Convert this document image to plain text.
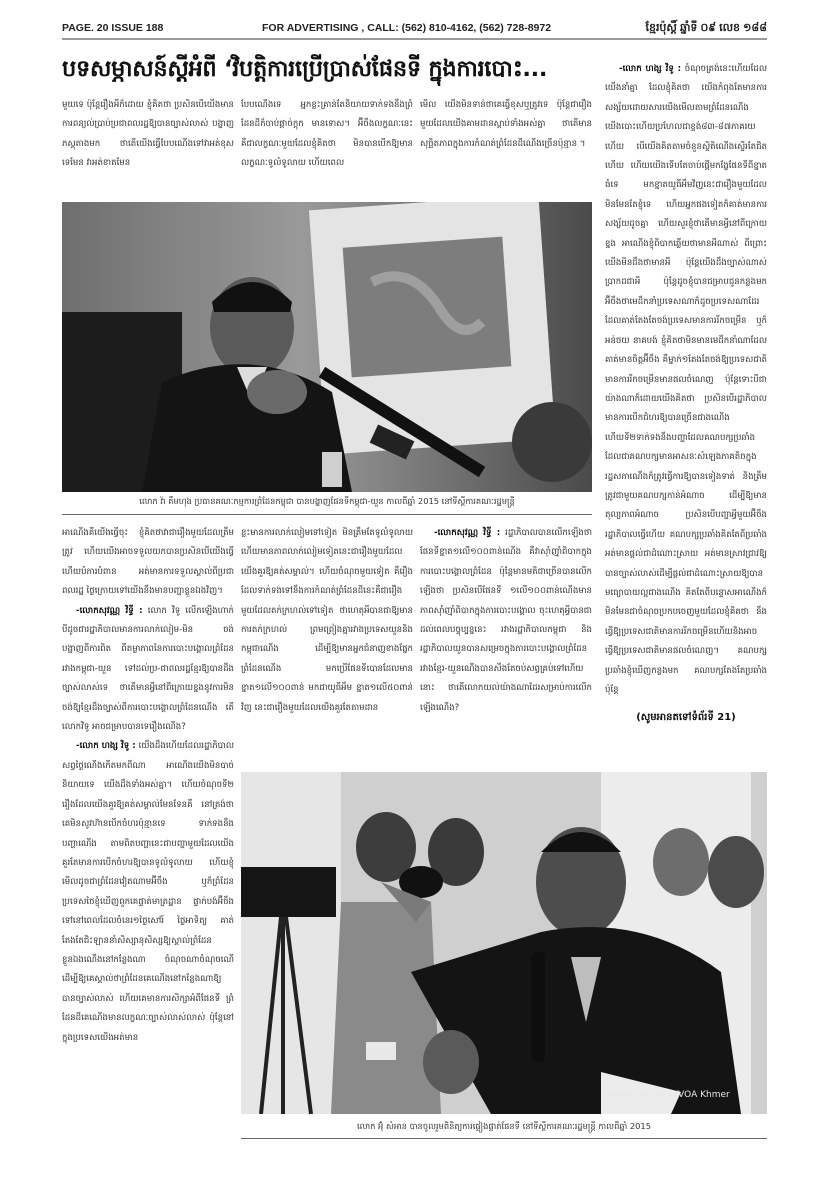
PAGE. 20 ISSUE 188	FOR ADVERTISING , CALL: (562) 810-4162, (562) 728-8972	ខ្មែរប៉ុស្តិ៍ ឆ្នាំទី ០៩ លេខ ១៨៨
បទសម្ភាសន៍ស្ដីអំពី ‘វិបត្តិការប្រើប្រាស់ផែនទី ក្នុងការបោះ...

មួយទេ ប៉ុន្តែរឿងអីក៏ដោយ ខ្ញុំគិតថា ប្រសិនបើយើងមានការពន្យល់ប្រាប់ប្រជាពលរដ្ឋឱ្យបានច្បាស់លាស់ បង្ហាញភស្តុតាងមក ថាតើយើងធ្វើបែបណើងទៅវាអត់ខុសទេមែន វាអត់ខាតមែន

បែបណើងទេ អ្នកខ្លះគ្រាន់តែនិយាយទាក់ទងនឹងព្រំដែនដីក៏ចាប់ផ្ដាច់ក្ដុក មានទោស។ អ៊ីចឹងលក្ខណៈនេះ គឺជាលក្ខណៈមួយដែលខ្ញុំគិតថា មិនបានបើកឱ្យមានលក្ខណៈទូលំទូលាយ ហើយពេល

មើល យើងមិនទាន់ថាគេធ្វើខុសឬត្រូវទេ ប៉ុន្តែជារឿងមួយដែលយើងគាមដានស្ដាប់ទាំងអស់គ្នា ថាតើមានសុច្ឆិតភាពក្នុងការកំណត់ព្រំដែនដីណើងច្រើនប៉ុន្មាន ។

-លោក ហង្ស វិទូ : ចំណុចត្រង់នេះហើយដែលយើងនាំគ្នា ដែលខ្ញុំគិតថា យើងកំពុងតែមានការសង្ស័យដោយសារយើងមើលតាមព្រំដែនណើង យើងបោះហើយប្រហែលជាខ្ទង់៨៣-៨៧ភាគរយហើយ បើយើងគិតតាមចំនួនស្ថិតិណើងស្ទើរតែជិតហើយ ហើយយើងទើបតែចាប់ផ្ដើមកង្ខែផែនទីពីខ្នាតធំទេ មកខ្នាតយូធីអឹមវិញនេះជារឿងមួយដែលមិនមែនតែខ្ញុំទេ ហើយអ្នកផងទៀតក៏គាត់មានការសង្ស័យដូចគ្នា ហើយសួរខ្ញុំថាតើមានអ្វីនៅពីក្រោយខ្នង អាណើងខ្ញុំពិបាកឆ្លើយថាមានអីណាស់ ពីព្រោះយើងមិនដឹងថាមានអី ប៉ុន្តែយើងដឹងច្បាស់ណាស់ ប្រាកដជាអី ប៉ុន្តែដូចខ្ញុំបានជម្រាបជូនកន្លងមកអ៊ីចឹងថាមេដឹកនាំប្រទេសណាក៏ដូចប្រទេសណាដែរ ដែលគាត់តែងតែចង់ប្រទេសមានការរីកចម្រើន ឬក៏អន់ថយ នាគបង់ ខ្ញុំគិតថាមិនមានមេដឹកនាំណាដែលគាត់មានចិត្តអ៊ីចឹង គឺម្នាក់១តែងតែចង់ឱ្យប្រទេសជាតិមានការរីកចម្រើនមានផលចំណេញ ប៉ុន្តែទោះបីជាយ៉ាងណាក៏ដោយយើងគិតថា ប្រសិនបើរដ្ឋាភិបាលមានការបើកជំហរឱ្យបានច្រើនជាងណើង ហើយទី២ទាក់ទងនឹងបញ្ហាដែលគណបក្សប្រឆាំង ដែលជាគណបក្សមានអាសនៈសំឡេងភាគតិចក្នុងរដ្ឋសភាណើងក៏ត្រូវធ្វើការឱ្យបានទៀងទាត់ និងត្រឹមត្រូវជាមួយគណបក្សកាន់អំណាច ដើម្បីឱ្យមានតុល្យភាពអំណាច ប្រសិនបើបញ្ហាអ្វីមួយអ៊ីចឹង រដ្ឋាភិបាលធ្វើហើយ គណបក្សប្រឆាំងគិតតែពីប្រឆាំង អត់មានផ្ដល់ជាដំណោះស្រាយ អត់មានស្រាវជ្រាវឱ្យបានច្បាស់លាស់ដើម្បីផ្ដល់ជាដំណោះស្រាយឱ្យបានមធ្យោបាយល្អជាងណើង គិតតែពីបន្ទោសអាណើងក៏មិនមែនជាចំណុចប្រកបចេញមួយដែលខ្ញុំគិតថា នឹងធ្វើឱ្យប្រទេសជាតិមានការរីកចម្រើនហើយនិងអាចធ្វើឱ្យប្រទេសជាតិមានផលចំណេញ។ គណបក្សប្រឆាំងខ្ញុំឃើញកន្លងមក គណបក្សតែងតែប្រឆាំង ប៉ុន្តែ

(សូមអានតទៅទំព័រទី 21)
លោក វ៉ា គឹមហុង ប្រធានគណៈកម្មការព្រំដែនកម្ពុជា បានបង្ហាញផែនទីកម្ពុជា-យួន កាលពីឆ្នាំ 2015 នៅទីស្តីការគណៈរដ្ឋមន្ត្រី

អាណើងគឺយើងធ្វើចុះ ខ្ញុំគិតថាវាជារឿងមួយដែលត្រឹមត្រូវ ហើយយើងអាចទទួលយកបានប្រសិនបើយើងធ្វើហើយបំភារបំពាន អត់មានការទទួលស្គាល់ពីប្រជាពលរដ្ឋ ថ្ងៃក្រោយទៅយើងនឹងមានបញ្ហាខ្លួនឯងវិញ។

-លោកសុវណ្ណ វិទ្ធី : លោក វិទូ លើកឡើងហាក់បីដូចជារដ្ឋាភិបាលមានការលាក់លៀម-មិន ចង់បង្ហាញពីការពិត ពីតម្លាភាពនៃការបោះបង្គោលព្រំដែនរវាងកម្ពុជា-យួន ទៅដល់ប្រ-ជាពលរដ្ឋខ្មែរឱ្យបានដឹងច្បាស់លាស់ទេ ថាតើមានអ្វីនៅពីក្រោយខ្នងនូវការមិនចង់ឱ្យខ្មែរដឹងច្បាស់ពីការបោះបង្គោលព្រំដែនណើង តើលោកវិទូ អាចជម្រាបបានទេរឿងណើង?

-លោក ហង្ស វិទូ : យើងដឹងហើយដែលរដ្ឋាភិបាលសព្វថ្ងៃណើងកើតមកពីណា អាណើងយើងមិនបាច់និយាយទេ យើងដឹងទាំងអស់គ្នា។ ហើយចំណុចទី២ រឿងដែលយើងគួរឱ្យគត់សម្គាល់មែនទែនគឺ នៅត្រង់ថាគេមិនសូវហ៊ានបើកចំហរប៉ុន្មានទេ ទាក់ទងនឹងបញ្ហាណើង តាមពិតបញ្ហានេះជាបញ្ហាមួយដែលយើងគួរតែមានការបើកចំហរឱ្យបានទូលំទូលាយ ហើយខ្ញុំមើលដូចជាព្រំដែនវៀតណាមអ៊ីចឹង ឬក៏ព្រំដែនប្រទេសថៃខ្ញុំឃើញពួកគេផ្ទាត់មាត្រដ្ឋាន ផ្ទាក់បង់អ៊ីចឹងទៅនៅពេលដែលចំនេរ១ថ្ងៃសៅរ៍ ថ្ងៃអាទិត្យ គាត់តែងតែជិះឡាននាំសិស្សានុសិស្សឱ្យស្គាល់ព្រំដែនខ្លួនឯងណើងនៅកន្លែងណា ចំណុចណាចំណុចណើ ដើម្បីឱ្យគេស្គាល់ថាព្រំដែនគេណើងនៅកន្លែងណាឱ្យបានច្បាស់លាស់ ហើយគេមានការសិក្សាអំពីផែនទី ព្រំដែនដីគេណើងមានលក្ខណៈច្បាស់លាស់លាស់ ប៉ុន្តែនៅក្នុងប្រទេសយើងអត់មាន

ខ្លះមានការលាក់លៀមទៅទៀត មិនត្រឹមតែទូលំទូលាយ ហើយមានភាពលាក់លៀមទៀតនេះជារឿងមួយដែលយើងគួរឱ្យគត់សម្គាល់។ ហើយចំណុចមួយទៀត គឺរឿងដែលទាក់ទងទៅនឹងការកំណត់ព្រំដែនដីនេះគឺជារឿងមួយដែលតក់ក្រហល់ទៅទៀត ថាហេតុអីបានជាឱ្យមានការតក់ក្រហល់ ព្រមព្រៀងគ្នារវាងប្រទេសយួននិងកម្ពុជាណើង ដើម្បីឱ្យមានអ្នកជំនាញខាងផ្នែកព្រំដែនណើង មកប្រើផែនទីបោនដែលមានខ្នាត១លើ១០០ពាន់ មកជាយូធីអឹម ខ្នាត១លើ៥០ពាន់វិញ នេះជារឿងមួយដែលយើងគួរតែតាមដាន

-លោកសុវណ្ណ វិទ្ធី : រដ្ឋាភិបាលបានលើកឡើងថា ផែនទីខ្នាត១លើ១០០ពាន់ណើង គឺវាស៊ាំញ៉ាំពិបាកក្នុងការបោះបង្គោលព្រំដែន ប៉ុន្តែមានមតិជាច្រើនបានលើកឡើងថា ប្រសិនបើផែនទី ១លើ១០០ពាន់ណើងមានភាពស៊ាំញ៉ាំពិបាកក្នុងការបោះបង្គោល ចុះហេតុអ្វីបានជាដល់ពេលបច្ចុប្បន្ននេះ រវាងរដ្ឋាភិបាលកម្ពុជា និងរដ្ឋាភិបាលយួនបានសម្រេចក្នុងការបោះបង្គោលព្រំដែនរវាងខ្មែរ-យួនណើងបានសឹងតែចប់សព្វគ្រប់ទៅហើយនោះ ថាតើលោកយល់យ៉ាងណាដែរសម្រាប់ការលើកឡើងណើង?

Neou Vannarin/VOA Khmer
លោក អ៊ុំ សំអាន បានចូលរួមពិនិត្យការផ្ទៀងផ្ទាត់ផែនទី នៅទីស្តីការគណៈរដ្ឋមន្ត្រី កាលពីឆ្នាំ 2015
